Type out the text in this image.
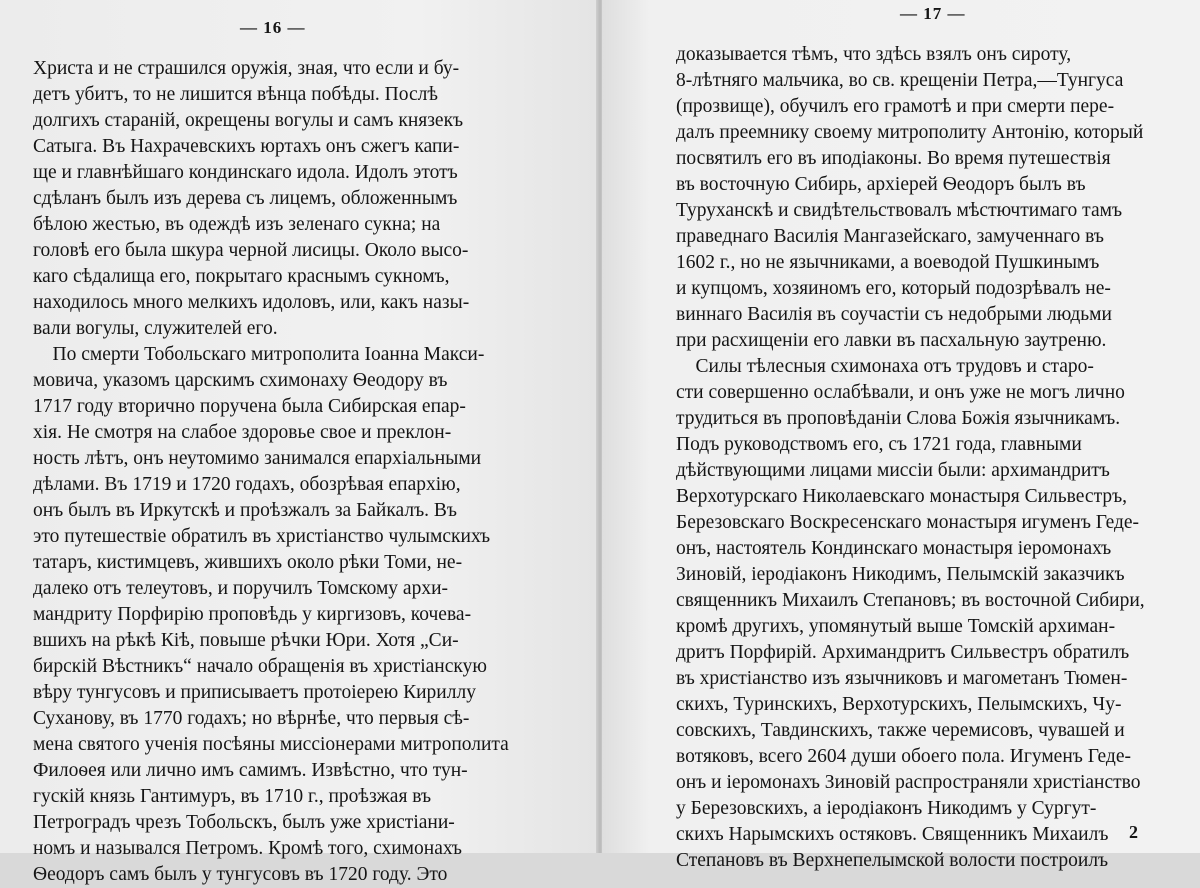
— 16 —
Христа и не страшился оружія, зная, что если и бу-
детъ убитъ, то не лишится вѣнца побѣды. Послѣ
долгихъ стараній, окрещены вогулы и самъ князекъ
Сатыга. Въ Нахрачевскихъ юртахъ онъ сжегъ капи-
ще и главнѣйшаго кондинскаго идола. Идолъ этотъ
сдѣланъ былъ изъ дерева съ лицемъ, обложеннымъ
бѣлою жестью, въ одеждѣ изъ зеленаго сукна; на
головѣ его была шкура черной лисицы. Около высо-
каго сѣдалища его, покрытаго краснымъ сукномъ,
находилось много мелкихъ идоловъ, или, какъ назы-
вали вогулы, служителей его.
По смерти Тобольскаго митрополита Іоанна Макси-
мовича, указомъ царскимъ схимонаху Ѳеодору въ
1717 году вторично поручена была Сибирская епар-
хія. Не смотря на слабое здоровье свое и преклон-
ность лѣтъ, онъ неутомимо занимался епархіальными
дѣлами. Въ 1719 и 1720 годахъ, обозрѣвая епархію,
онъ былъ въ Иркутскѣ и проѣзжалъ за Байкалъ. Въ
это путешествіе обратилъ въ христіанство чулымскихъ
татаръ, кистимцевъ, жившихъ около рѣки Томи, не-
далеко отъ телеутовъ, и поручилъ Томскому архи-
мандриту Порфирію проповѣдь у киргизовъ, кочева-
вшихъ на рѣкѣ Кіѣ, повыше рѣчки Юри. Хотя „Си-
бирскій Вѣстникъ“ начало обращенія въ христіанскую
вѣру тунгусовъ и приписываетъ протоіерею Кириллу
Суханову, въ 1770 годахъ; но вѣрнѣе, что первыя сѣ-
мена святого ученія посѣяны миссіонерами митрополита
Филоѳея или лично имъ самимъ. Извѣстно, что тун-
гускій князь Гантимуръ, въ 1710 г., проѣзжая въ
Петроградъ чрезъ Тобольскъ, былъ уже христіани-
номъ и назывался Петромъ. Кромѣ того, схимонахъ
Ѳеодоръ самъ былъ у тунгусовъ въ 1720 году. Это
— 17 —
доказывается тѣмъ, что здѣсь взялъ онъ сироту,
8-лѣтняго мальчика, во св. крещеніи Петра,—Тунгуса
(прозвище), обучилъ его грамотѣ и при смерти пере-
далъ преемнику своему митрополиту Антонію, который
посвятилъ его въ иподіаконы. Во время путешествія
въ восточную Сибирь, архіерей Ѳеодоръ былъ въ
Туруханскѣ и свидѣтельствовалъ мѣстючтимаго тамъ
праведнаго Василія Мангазейскаго, замученнаго въ
1602 г., но не язычниками, а воеводой Пушкинымъ
и купцомъ, хозяиномъ его, который подозрѣвалъ не-
виннаго Василія въ соучастіи съ недобрыми людьми
при расхищеніи его лавки въ пасхальную заутреню.
Силы тѣлесныя схимонаха отъ трудовъ и старо-
сти совершенно ослабѣвали, и онъ уже не могъ лично
трудиться въ проповѣданіи Слова Божія язычникамъ.
Подъ руководствомъ его, съ 1721 года, главными
дѣйствующими лицами миссіи были: архимандритъ
Верхотурскаго Николаевскаго монастыря Сильвестръ,
Березовскаго Воскресенскаго монастыря игуменъ Геде-
онъ, настоятель Кондинскаго монастыря іеромонахъ
Зиновій, іеродіаконъ Никодимъ, Пелымскій заказчикъ
священникъ Михаилъ Степановъ; въ восточной Сибири,
кромѣ другихъ, упомянутый выше Томскій архиман-
дритъ Порфирій. Архимандритъ Сильвестръ обратилъ
въ христіанство изъ язычниковъ и магометанъ Тюмен-
скихъ, Туринскихъ, Верхотурскихъ, Пелымскихъ, Чу-
совскихъ, Тавдинскихъ, также черемисовъ, чувашей и
вотяковъ, всего 2604 души обоего пола. Игуменъ Геде-
онъ и іеромонахъ Зиновій распространяли христіанство
у Березовскихъ, а іеродіаконъ Никодимъ у Сургут-
скихъ Нарымскихъ остяковъ. Священникъ Михаилъ
Степановъ въ Верхнепелымской волости построилъ
2
